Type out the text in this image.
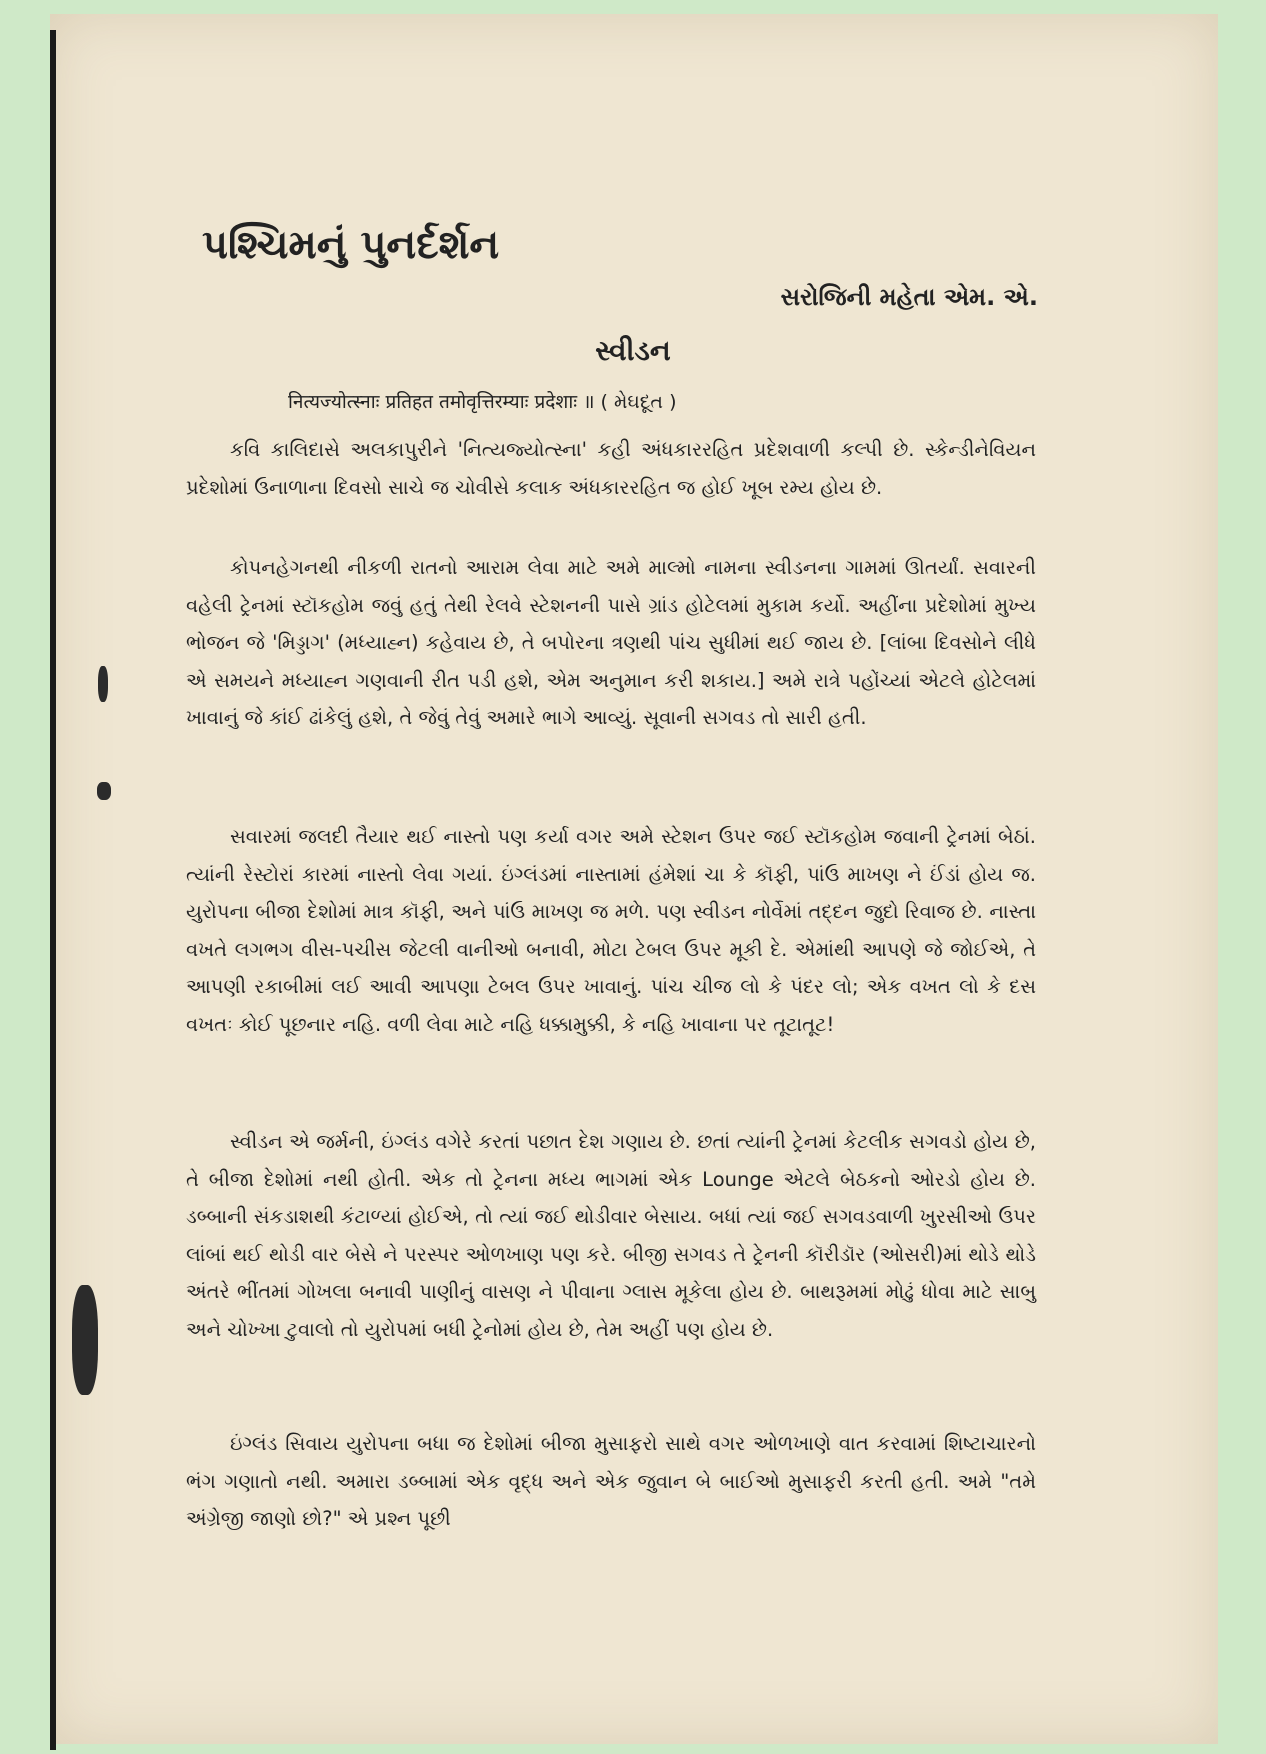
પશ્ચિમનું પુનર્દર્શન

સરોજિની મહેતા એમ. એ.

સ્વીડન

नित्यज्योत्स्नाः प्रतिहत तमोवृत्तिरम्याः प्रदेशाः ॥ ( મેઘદૂત )

કવિ કાલિદાસે અલકાપુરીને 'નિત્યજ્યોત્સ્ના' કહી અંધકારરહિત પ્રદેશવાળી કલ્પી છે. સ્કેન્ડીનેવિયન પ્રદેશોમાં ઉનાળાના દિવસો સાચે જ ચોવીસે કલાક અંધકારરહિત જ હોઈ ખૂબ રમ્ય હોય છે.

કોપનહેગનથી નીકળી રાતનો આરામ લેવા માટે અમે માલ્મો નામના સ્વીડનના ગામમાં ઊતર્યાં. સવારની વહેલી ટ્રેનમાં સ્ટૉકહોમ જવું હતું તેથી રેલવે સ્ટેશનની પાસે ગ્રાંડ હોટેલમાં મુકામ કર્યો. અહીંના પ્રદેશોમાં મુખ્ય ભોજન જે 'મિડ્ડાગ' (મધ્યાહ્ન) કહેવાય છે, તે બપોરના ત્રણથી પાંચ સુધીમાં થઈ જાય છે. [લાંબા દિવસોને લીધે એ સમયને મધ્યાહ્ન ગણવાની રીત પડી હશે, એમ અનુમાન કરી શકાય.] અમે રાત્રે પહોંચ્યાં એટલે હોટેલમાં ખાવાનું જે કાંઈ ઢાંકેલું હશે, તે જેવું તેવું અમારે ભાગે આવ્યું. સૂવાની સગવડ તો સારી હતી.

સવારમાં જલદી તૈયાર થઈ નાસ્તો પણ કર્યા વગર અમે સ્ટેશન ઉપર જઈ સ્ટૉકહોમ જવાની ટ્રેનમાં બેઠાં. ત્યાંની રેસ્ટોરાં કારમાં નાસ્તો લેવા ગયાં. ઇંગ્લંડમાં નાસ્તામાં હંમેશાં ચા કે કૉફી, પાંઉ માખણ ને ઈંડાં હોય જ. યુરોપના બીજા દેશોમાં માત્ર કૉફી, અને પાંઉ માખણ જ મળે. પણ સ્વીડન નોર્વેમાં તદ્દન જુદો રિવાજ છે. નાસ્તા વખતે લગભગ વીસ-પચીસ જેટલી વાનીઓ બનાવી, મોટા ટેબલ ઉપર મૂકી દે. એમાંથી આપણે જે જોઈએ, તે આપણી રકાબીમાં લઈ આવી આપણા ટેબલ ઉપર ખાવાનું. પાંચ ચીજ લો કે પંદર લો; એક વખત લો કે દસ વખતઃ કોઈ પૂછનાર નહિ. વળી લેવા માટે નહિ ધક્કામુક્કી, કે નહિ ખાવાના પર તૂટાતૂટ!

સ્વીડન એ જર્મની, ઇંગ્લંડ વગેરે કરતાં પછાત દેશ ગણાય છે. છતાં ત્યાંની ટ્રેનમાં કેટલીક સગવડો હોય છે, તે બીજા દેશોમાં નથી હોતી. એક તો ટ્રેનના મધ્ય ભાગમાં એક Lounge એટલે બેઠકનો ઓરડો હોય છે. ડબ્બાની સંકડાશથી કંટાળ્યાં હોઈએ, તો ત્યાં જઈ થોડીવાર બેસાય. બધાં ત્યાં જઈ સગવડવાળી ખુરસીઓ ઉપર લાંબાં થઈ થોડી વાર બેસે ને પરસ્પર ઓળખાણ પણ કરે. બીજી સગવડ તે ટ્રેનની કૉરીડૉર (ઓસરી)માં થોડે થોડે અંતરે ભીંતમાં ગોખલા બનાવી પાણીનું વાસણ ને પીવાના ગ્લાસ મૂકેલા હોય છે. બાથરૂમમાં મોઢું ધોવા માટે સાબુ અને ચોખ્ખા ટુવાલો તો યુરોપમાં બધી ટ્રેનોમાં હોય છે, તેમ અહીં પણ હોય છે.

ઇંગ્લંડ સિવાય યુરોપના બધા જ દેશોમાં બીજા મુસાફરો સાથે વગર ઓળખાણે વાત કરવામાં શિષ્ટાચારનો ભંગ ગણાતો નથી. અમારા ડબ્બામાં એક વૃદ્ધ અને એક જુવાન બે બાઈઓ મુસાફરી કરતી હતી. અમે "તમે અંગ્રેજી જાણો છો?" એ પ્રશ્ન પૂછી
